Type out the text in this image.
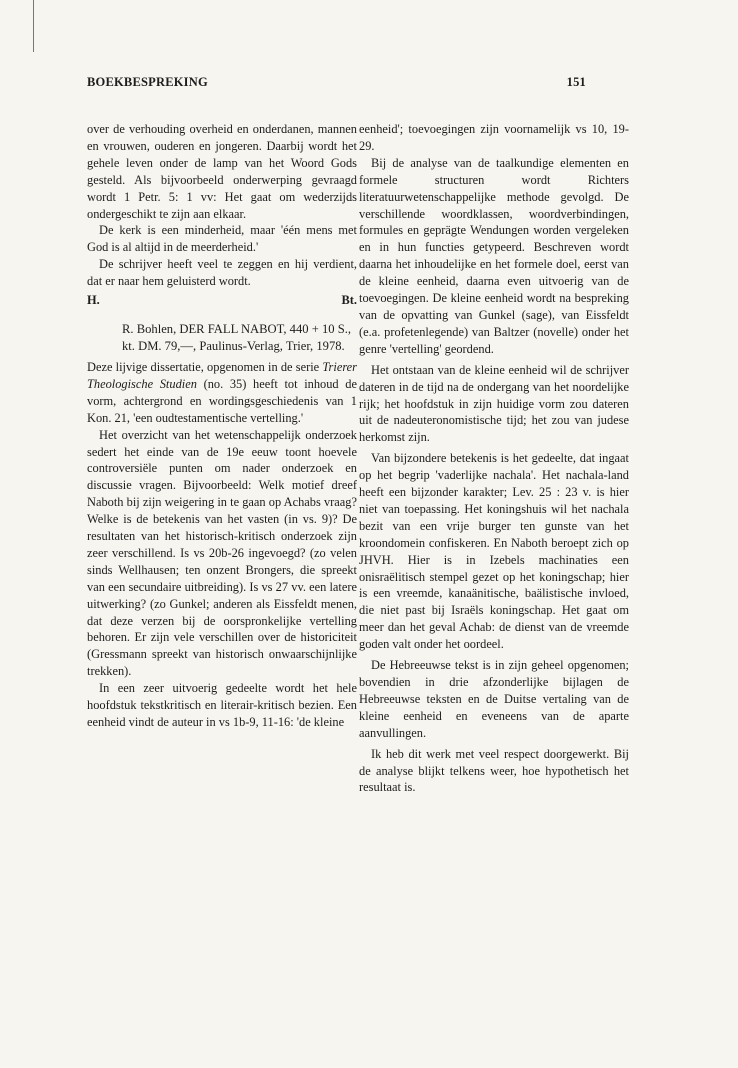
BOEKBESPREKING	151

over de verhouding overheid en onderdanen, mannen en vrouwen, ouderen en jongeren. Daarbij wordt het gehele leven onder de lamp van het Woord Gods gesteld. Als bijvoorbeeld onderwerping gevraagd wordt 1 Petr. 5: 1 vv: Het gaat om wederzijds ondergeschikt te zijn aan elkaar.

De kerk is een minderheid, maar 'één mens met God is al altijd in de meerderheid.'

De schrijver heeft veel te zeggen en hij verdient, dat er naar hem geluisterd wordt.

H.	Bt.

R. Bohlen, DER FALL NABOT, 440 + 10 S., kt. DM. 79,—, Paulinus-Verlag, Trier, 1978.

Deze lijvige dissertatie, opgenomen in de serie Trierer Theologische Studien (no. 35) heeft tot inhoud de vorm, achtergrond en wordingsgeschiedenis van 1 Kon. 21, 'een oudtestamentische vertelling.'

Het overzicht van het wetenschappelijk onderzoek sedert het einde van de 19e eeuw toont hoevele controversiële punten om nader onderzoek en discussie vragen. Bijvoorbeeld: Welk motief dreef Naboth bij zijn weigering in te gaan op Achabs vraag? Welke is de betekenis van het vasten (in vs. 9)? De resultaten van het historisch-kritisch onderzoek zijn zeer verschillend. Is vs 20b-26 ingevoegd? (zo velen sinds Wellhausen; ten onzent Brongers, die spreekt van een secundaire uitbreiding). Is vs 27 vv. een latere uitwerking? (zo Gunkel; anderen als Eissfeldt menen, dat deze verzen bij de oorspronkelijke vertelling behoren. Er zijn vele verschillen over de historiciteit (Gressmann spreekt van historisch onwaarschijnlijke trekken).

In een zeer uitvoerig gedeelte wordt het hele hoofdstuk tekstkritisch en literair-kritisch bezien. Een eenheid vindt de auteur in vs 1b-9, 11-16: 'de kleine

eenheid'; toevoegingen zijn voornamelijk vs 10, 19-29.

Bij de analyse van de taalkundige elementen en formele structuren wordt Richters literatuurwetenschappelijke methode gevolgd. De verschillende woordklassen, woordverbindingen, formules en geprägte Wendungen worden vergeleken en in hun functies getypeerd. Beschreven wordt daarna het inhoudelijke en het formele doel, eerst van de kleine eenheid, daarna even uitvoerig van de toevoegingen. De kleine eenheid wordt na bespreking van de opvatting van Gunkel (sage), van Eissfeldt (e.a. profetenlegende) van Baltzer (novelle) onder het genre 'vertelling' geordend.

Het ontstaan van de kleine eenheid wil de schrijver dateren in de tijd na de ondergang van het noordelijke rijk; het hoofdstuk in zijn huidige vorm zou dateren uit de nadeuteronomistische tijd; het zou van judese herkomst zijn.

Van bijzondere betekenis is het gedeelte, dat ingaat op het begrip 'vaderlijke nachala'. Het nachala-land heeft een bijzonder karakter; Lev. 25 : 23 v. is hier niet van toepassing. Het koningshuis wil het nachala bezit van een vrije burger ten gunste van het kroondomein confiskeren. En Naboth beroept zich op JHVH. Hier is in Izebels machinaties een onisraëlitisch stempel gezet op het koningschap; hier is een vreemde, kanaänitische, baälistische invloed, die niet past bij Israëls koningschap. Het gaat om meer dan het geval Achab: de dienst van de vreemde goden valt onder het oordeel.

De Hebreeuwse tekst is in zijn geheel opgenomen; bovendien in drie afzonderlijke bijlagen de Hebreeuwse teksten en de Duitse vertaling van de kleine eenheid en eveneens van de aparte aanvullingen.

Ik heb dit werk met veel respect doorgewerkt. Bij de analyse blijkt telkens weer, hoe hypothetisch het resultaat is.
